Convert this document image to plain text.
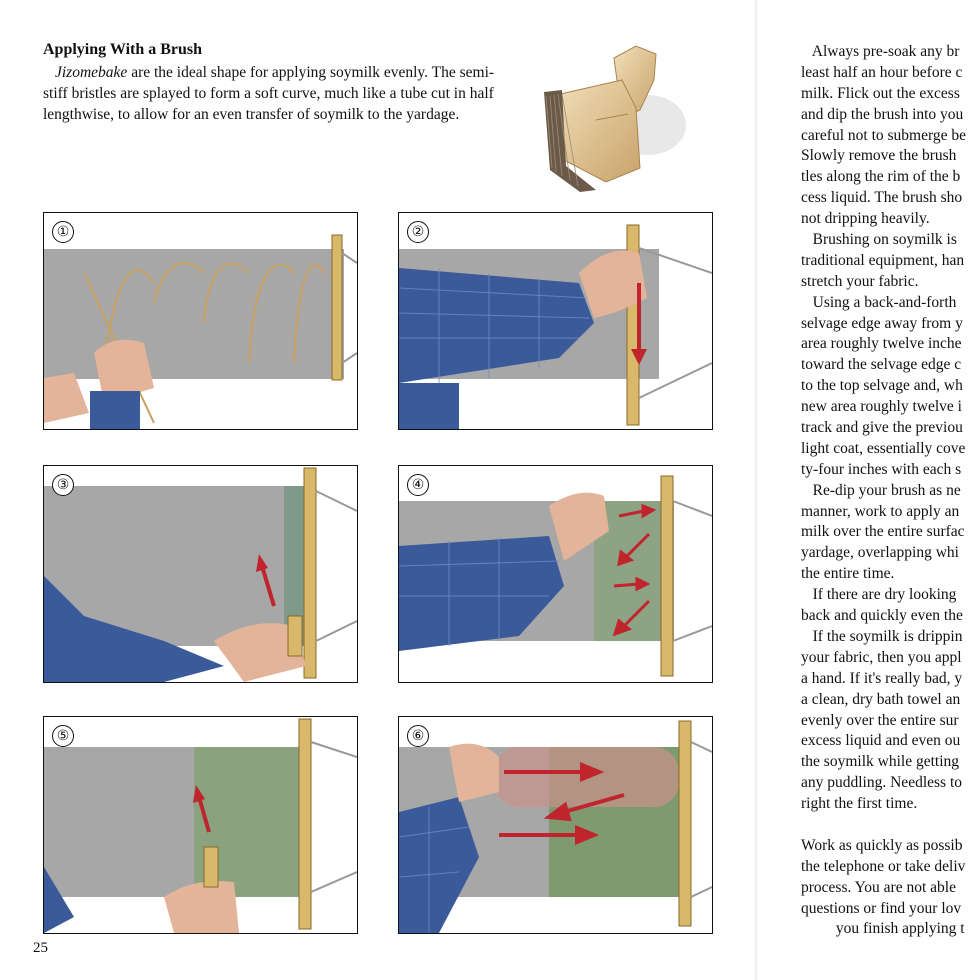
Applying With a Brush

Jizomebake are the ideal shape for applying soymilk evenly. The semi-stiff bristles are splayed to form a soft curve, much like a tube cut in half lengthwise, to allow for an even transfer of soymilk to the yardage.

①	②
③	④
⑤	⑥
25
Always pre-soak any br
least half an hour before c
milk. Flick out the excess
and dip the brush into you
careful not to submerge be
Slowly remove the brush
tles along the rim of the b
cess liquid. The brush sho
not dripping heavily.
Brushing on soymilk is
traditional equipment, han
stretch your fabric.
Using a back-and-forth
selvage edge away from y
area roughly twelve inche
toward the selvage edge c
to the top selvage and, wh
new area roughly twelve i
track and give the previou
light coat, essentially cove
ty-four inches with each s
Re-dip your brush as ne
manner, work to apply an
milk over the entire surfac
yardage, overlapping whi
the entire time.
If there are dry looking
back and quickly even the
If the soymilk is drippin
your fabric, then you appl
a hand. If it's really bad, y
a clean, dry bath towel an
evenly over the entire sur
excess liquid and even ou
the soymilk while getting
any puddling. Needless to
right the first time.
Work as quickly as possib
the telephone or take deliv
process. You are not able
questions or find your lov
you finish applying t
